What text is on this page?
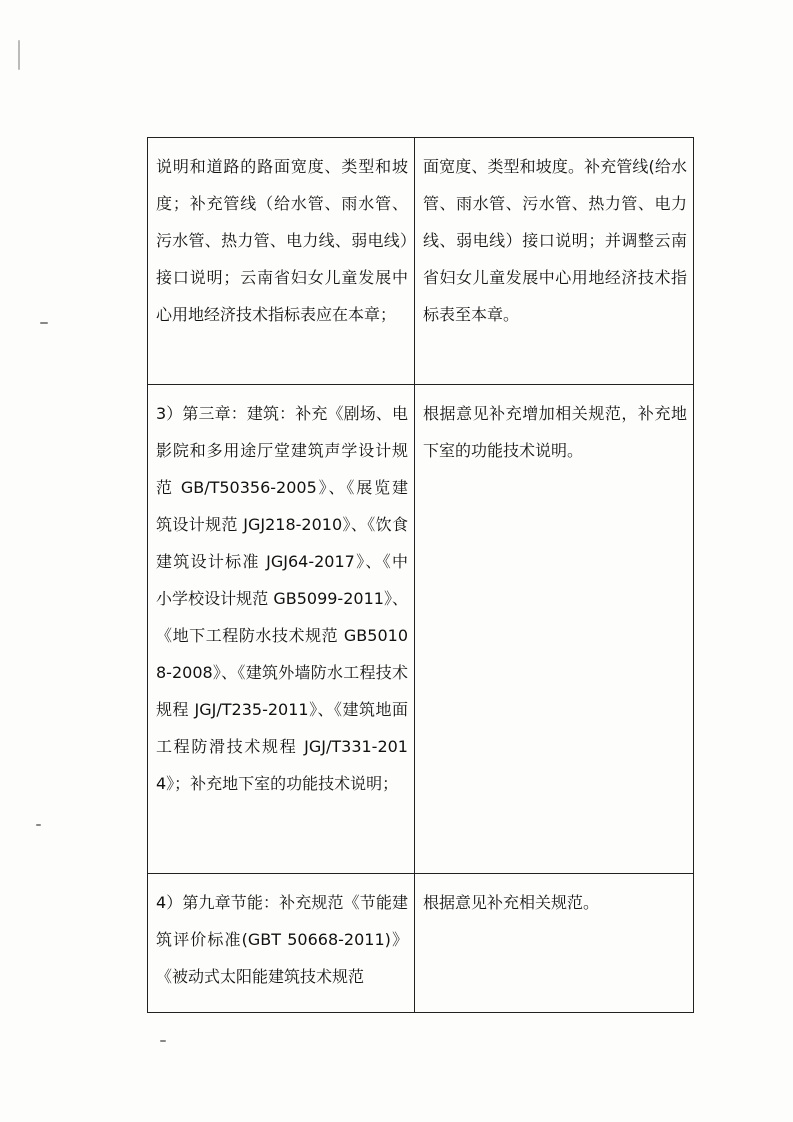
说明和道路的路面宽度、类型和坡度；补充管线（给水管、雨水管、污水管、热力管、电力线、弱电线）接口说明；云南省妇女儿童发展中心用地经济技术指标表应在本章；	面宽度、类型和坡度。补充管线(给水管、雨水管、污水管、热力管、电力线、弱电线）接口说明；并调整云南省妇女儿童发展中心用地经济技术指标表至本章。

3）第三章：建筑：补充《剧场、电影院和多用途厅堂建筑声学设计规范 GB/T50356-2005》、《展览建筑设计规范 JGJ218-2010》、《饮食建筑设计标准 JGJ64-2017》、《中小学校设计规范 GB5099-2011》、《地下工程防水技术规范 GB50108-2008》、《建筑外墙防水工程技术规程 JGJ/T235-2011》、《建筑地面工程防滑技术规程 JGJ/T331-2014》；补充地下室的功能技术说明；	根据意见补充增加相关规范，补充地下室的功能技术说明。

4）第九章节能：补充规范《节能建筑评价标准(GBT 50668-2011)》《被动式太阳能建筑技术规范	根据意见补充相关规范。
